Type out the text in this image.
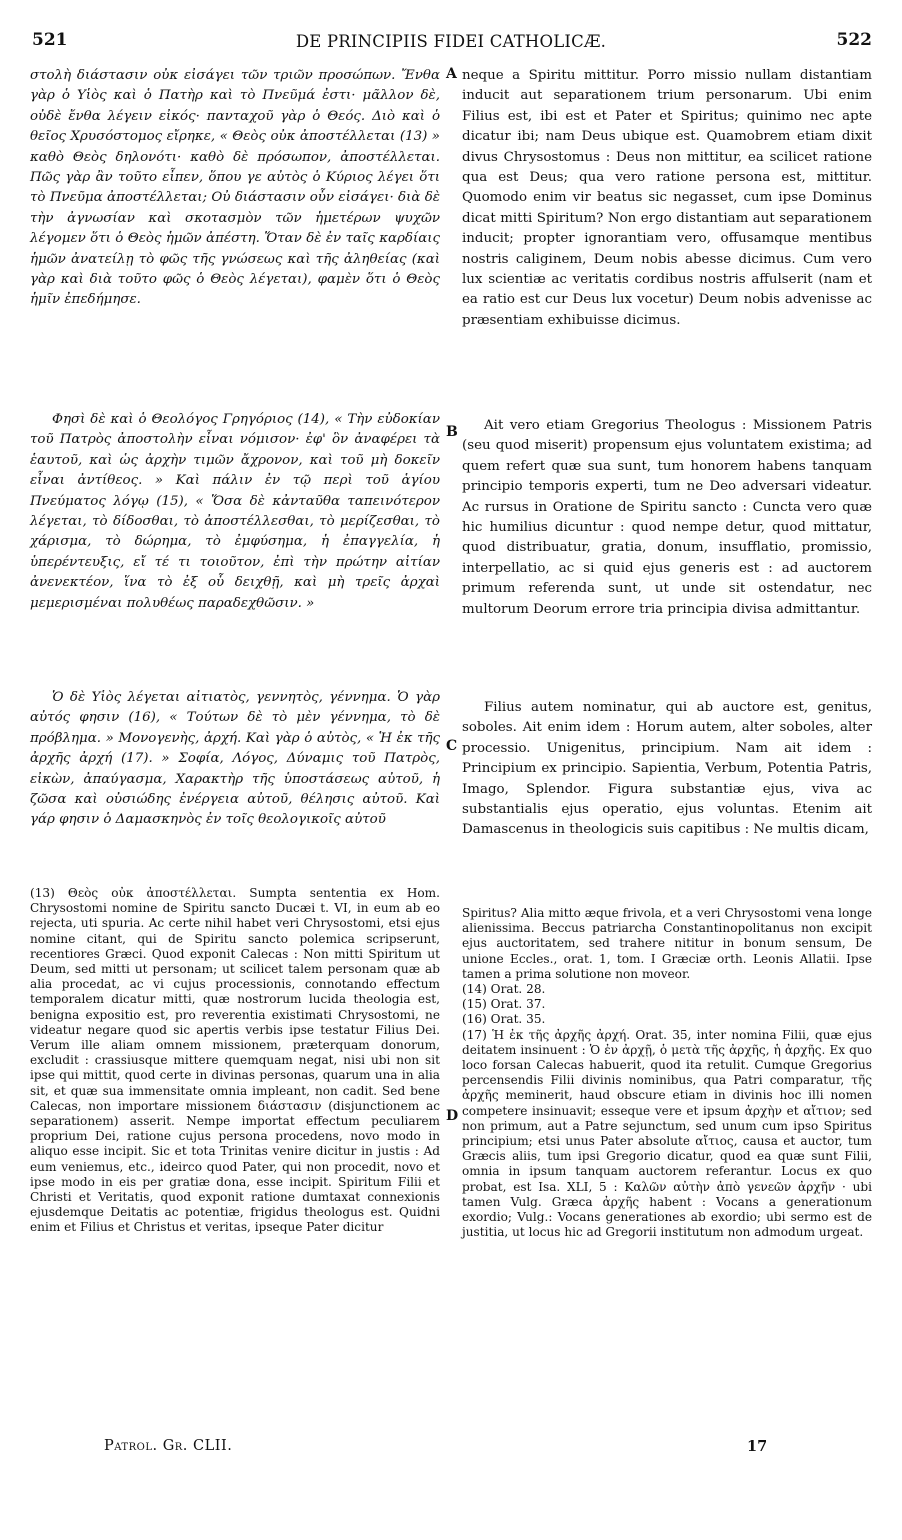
521	DE PRINCIPIIS FIDEI CATHOLICÆ.	522

στολὴ διάστασιν οὐκ εἰσάγει τῶν τριῶν προσώπων. Ἔνθα γὰρ ὁ Υἱὸς καὶ ὁ Πατὴρ καὶ τὸ Πνεῦμά ἐστι· μᾶλλον δὲ, οὐδὲ ἔνθα λέγειν εἰκός· πανταχοῦ γὰρ ὁ Θεός. Διὸ καὶ ὁ θεῖος Χρυσόστομος εἴρηκε, « Θεὸς οὐκ ἀποστέλλεται (13) » καθὸ Θεὸς δηλονότι· καθὸ δὲ πρόσωπον, ἀποστέλλεται. Πῶς γὰρ ἂν τοῦτο εἶπεν, ὅπου γε αὐτὸς ὁ Κύριος λέγει ὅτι τὸ Πνεῦμα ἀποστέλλεται; Οὐ διάστασιν οὖν εἰσάγει· διὰ δὲ τὴν ἀγνωσίαν καὶ σκοτασμὸν τῶν ἡμετέρων ψυχῶν λέγομεν ὅτι ὁ Θεὸς ἡμῶν ἀπέστη. Ὅταν δὲ ἐν ταῖς καρδίαις ἡμῶν ἀνατείλῃ τὸ φῶς τῆς γνώσεως καὶ τῆς ἀληθείας (καὶ γὰρ καὶ διὰ τοῦτο φῶς ὁ Θεὸς λέγεται), φαμὲν ὅτι ὁ Θεὸς ἡμῖν ἐπεδήμησε.

Φησὶ δὲ καὶ ὁ Θεολόγος Γρηγόριος (14), « Τὴν εὐδοκίαν τοῦ Πατρὸς ἀποστολὴν εἶναι νόμισον· ἐφ' ὃν ἀναφέρει τὰ ἑαυτοῦ, καὶ ὡς ἀρχὴν τιμῶν ἄχρονον, καὶ τοῦ μὴ δοκεῖν εἶναι ἀντίθεος. » Καὶ πάλιν ἐν τῷ περὶ τοῦ ἁγίου Πνεύματος λόγῳ (15), « Ὅσα δὲ κἀνταῦθα ταπεινότερον λέγεται, τὸ δίδοσθαι, τὸ ἀποστέλλεσθαι, τὸ μερίζεσθαι, τὸ χάρισμα, τὸ δώρημα, τὸ ἐμφύσημα, ἡ ἐπαγγελία, ἡ ὑπερέντευξις, εἴ τέ τι τοιοῦτον, ἐπὶ τὴν πρώτην αἰτίαν ἀνενεκτέον, ἵνα τὸ ἐξ οὗ δειχθῇ, καὶ μὴ τρεῖς ἀρχαὶ μεμερισμέναι πολυθέως παραδεχθῶσιν. »

Ὁ δὲ Υἱὸς λέγεται αἰτιατὸς, γεννητὸς, γέννημα. Ὁ γὰρ αὐτός φησιν (16), « Τούτων δὲ τὸ μὲν γέννημα, τὸ δὲ πρόβλημα. » Μονογενὴς, ἀρχή. Καὶ γὰρ ὁ αὐτὸς, « Ἡ ἐκ τῆς ἀρχῆς ἀρχή (17). » Σοφία, Λόγος, Δύναμις τοῦ Πατρὸς, εἰκὼν, ἀπαύγασμα, Χαρακτὴρ τῆς ὑποστάσεως αὐτοῦ, ἡ ζῶσα καὶ οὐσιώδης ἐνέργεια αὐτοῦ, θέλησις αὐτοῦ. Καὶ γάρ φησιν ὁ Δαμασκηνὸς ἐν τοῖς θεολογικοῖς αὐτοῦ

(13) Θεὸς οὐκ ἀποστέλλεται. Sumpta sententia ex Hom. Chrysostomi nomine de Spiritu sancto Ducæi t. VI, in eum ab eo rejecta, uti spuria. Ac certe nihil habet veri Chrysostomi, etsi ejus nomine citant, qui de Spiritu sancto polemica scripserunt, recentiores Græci. Quod exponit Calecas : Non mitti Spiritum ut Deum, sed mitti ut personam; ut scilicet talem personam quæ ab alia procedat, ac vi cujus processionis, connotando effectum temporalem dicatur mitti, quæ nostrorum lucida theologia est, benigna expositio est, pro reverentia existimati Chrysostomi, ne videatur negare quod sic apertis verbis ipse testatur Filius Dei. Verum ille aliam omnem missionem, præterquam donorum, excludit : crassiusque mittere quemquam negat, nisi ubi non sit ipse qui mittit, quod certe in divinas personas, quarum una in alia sit, et quæ sua immensitate omnia impleant, non cadit. Sed bene Calecas, non importare missionem διάστασιν (disjunctionem ac separationem) asserit. Nempe importat effectum peculiarem proprium Dei, ratione cujus persona procedens, novo modo in aliquo esse incipit. Sic et tota Trinitas venire dicitur in justis : Ad eum veniemus, etc., ideirco quod Pater, qui non procedit, novo et ipse modo in eis per gratiæ dona, esse incipit. Spiritum Filii et Christi et Veritatis, quod exponit ratione dumtaxat connexionis ejusdemque Deitatis ac potentiæ, frigidus theologus est. Quidni enim et Filius et Christus et veritas, ipseque Pater dicitur

neque a Spiritu mittitur. Porro missio nullam distantiam inducit aut separationem trium personarum. Ubi enim Filius est, ibi est et Pater et Spiritus; quinimo nec apte dicatur ibi; nam Deus ubique est. Quamobrem etiam dixit divus Chrysostomus : Deus non mittitur, ea scilicet ratione qua est Deus; qua vero ratione persona est, mittitur. Quomodo enim vir beatus sic negasset, cum ipse Dominus dicat mitti Spiritum? Non ergo distantiam aut separationem inducit; propter ignorantiam vero, offusamque mentibus nostris caliginem, Deum nobis abesse dicimus. Cum vero lux scientiæ ac veritatis cordibus nostris affulserit (nam et ea ratio est cur Deus lux vocetur) Deum nobis advenisse ac præsentiam exhibuisse dicimus.

Ait vero etiam Gregorius Theologus : Missionem Patris (seu quod miserit) propensum ejus voluntatem existima; ad quem refert quæ sua sunt, tum honorem habens tanquam principio temporis experti, tum ne Deo adversari videatur. Ac rursus in Oratione de Spiritu sancto : Cuncta vero quæ hic humilius dicuntur : quod nempe detur, quod mittatur, quod distribuatur, gratia, donum, insufflatio, promissio, interpellatio, ac si quid ejus generis est : ad auctorem primum referenda sunt, ut unde sit ostendatur, nec multorum Deorum errore tria principia divisa admittantur.

Filius autem nominatur, qui ab auctore est, genitus, soboles. Ait enim idem : Horum autem, alter soboles, alter processio. Unigenitus, principium. Nam ait idem : Principium ex principio. Sapientia, Verbum, Potentia Patris, Imago, Splendor. Figura substantiæ ejus, viva ac substantialis ejus operatio, ejus voluntas. Etenim ait Damascenus in theologicis suis capitibus : Ne multis dicam,

Spiritus? Alia mitto æque frivola, et a veri Chrysostomi vena longe alienissima. Beccus patriarcha Constantinopolitanus non excipit ejus auctoritatem, sed trahere nititur in bonum sensum, De unione Eccles., orat. 1, tom. I Græciæ orth. Leonis Allatii. Ipse tamen a prima solutione non moveor.

(14) Orat. 28.

(15) Orat. 37.

(16) Orat. 35.

(17) Ἡ ἐκ τῆς ἀρχῆς ἀρχή. Orat. 35, inter nomina Filii, quæ ejus deitatem insinuent : Ὁ ἐν ἀρχῇ, ὁ μετὰ τῆς ἀρχῆς, ἡ ἀρχῆς. Ex quo loco forsan Calecas habuerit, quod ita retulit. Cumque Gregorius percensendis Filii divinis nominibus, qua Patri comparatur, τῆς ἀρχῆς meminerit, haud obscure etiam in divinis hoc illi nomen competere insinuavit; esseque vere et ipsum ἀρχὴν et αἴτιον; sed non primum, aut a Patre sejunctum, sed unum cum ipso Spiritus principium; etsi unus Pater absolute αἴτιος, causa et auctor, tum Græcis aliis, tum ipsi Gregorio dicatur, quod ea quæ sunt Filii, omnia in ipsum tanquam auctorem referantur. Locus ex quo probat, est Isa. XLI, 5 : Καλῶν αὐτὴν ἀπὸ γενεῶν ἀρχῆν · ubi tamen Vulg. Græca ἀρχῆς habent : Vocans a generationum exordio; Vulg.: Vocans generationes ab exordio; ubi sermo est de justitia, ut locus hic ad Gregorii institutum non admodum urgeat.

A
B
C
D
Patrol. Gr. CLII.	17
